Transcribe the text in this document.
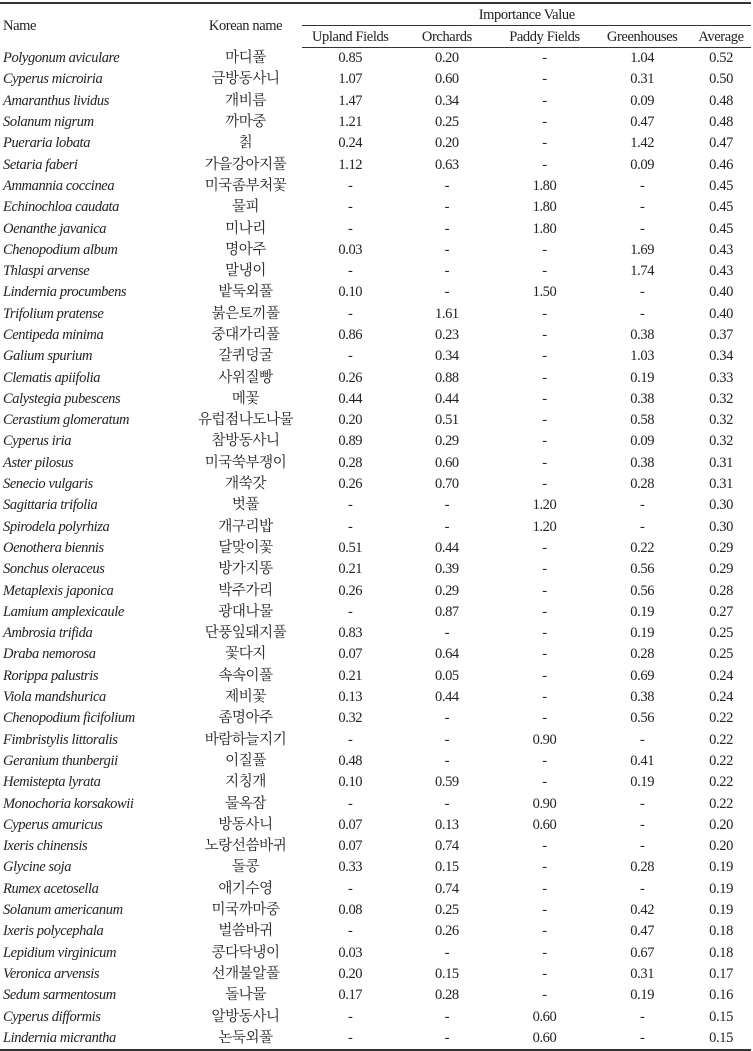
Name	Korean name	Importance Value				
		Upland Fields	Orchards	Paddy Fields	Greenhouses	Average
Polygonum aviculare	마디풀	0.85	0.20	-	1.04	0.52
Cyperus microiria	금방동사니	1.07	0.60	-	0.31	0.50
Amaranthus lividus	개비름	1.47	0.34	-	0.09	0.48
Solanum nigrum	까마중	1.21	0.25	-	0.47	0.48
Pueraria lobata	칡	0.24	0.20	-	1.42	0.47
Setaria faberi	가을강아지풀	1.12	0.63	-	0.09	0.46
Ammannia coccinea	미국좀부처꽃	-	-	1.80	-	0.45
Echinochloa caudata	물피	-	-	1.80	-	0.45
Oenanthe javanica	미나리	-	-	1.80	-	0.45
Chenopodium album	명아주	0.03	-	-	1.69	0.43
Thlaspi arvense	말냉이	-	-	-	1.74	0.43
Lindernia procumbens	밭둑외풀	0.10	-	1.50	-	0.40
Trifolium pratense	붉은토끼풀	-	1.61	-	-	0.40
Centipeda minima	중대가리풀	0.86	0.23	-	0.38	0.37
Galium spurium	갈퀴덩굴	-	0.34	-	1.03	0.34
Clematis apiifolia	사위질빵	0.26	0.88	-	0.19	0.33
Calystegia pubescens	메꽃	0.44	0.44	-	0.38	0.32
Cerastium glomeratum	유럽점나도나물	0.20	0.51	-	0.58	0.32
Cyperus iria	참방동사니	0.89	0.29	-	0.09	0.32
Aster pilosus	미국쑥부쟁이	0.28	0.60	-	0.38	0.31
Senecio vulgaris	개쑥갓	0.26	0.70	-	0.28	0.31
Sagittaria trifolia	벗풀	-	-	1.20	-	0.30
Spirodela polyrhiza	개구리밥	-	-	1.20	-	0.30
Oenothera biennis	달맞이꽃	0.51	0.44	-	0.22	0.29
Sonchus oleraceus	방가지똥	0.21	0.39	-	0.56	0.29
Metaplexis japonica	박주가리	0.26	0.29	-	0.56	0.28
Lamium amplexicaule	광대나물	-	0.87	-	0.19	0.27
Ambrosia trifida	단풍잎돼지풀	0.83	-	-	0.19	0.25
Draba nemorosa	꽃다지	0.07	0.64	-	0.28	0.25
Rorippa palustris	속속이풀	0.21	0.05	-	0.69	0.24
Viola mandshurica	제비꽃	0.13	0.44	-	0.38	0.24
Chenopodium ficifolium	좀명아주	0.32	-	-	0.56	0.22
Fimbristylis littoralis	바람하늘지기	-	-	0.90	-	0.22
Geranium thunbergii	이질풀	0.48	-	-	0.41	0.22
Hemistepta lyrata	지칭개	0.10	0.59	-	0.19	0.22
Monochoria korsakowii	물옥잠	-	-	0.90	-	0.22
Cyperus amuricus	방동사니	0.07	0.13	0.60	-	0.20
Ixeris chinensis	노랑선씀바귀	0.07	0.74	-	-	0.20
Glycine soja	돌콩	0.33	0.15	-	0.28	0.19
Rumex acetosella	애기수영	-	0.74	-	-	0.19
Solanum americanum	미국까마중	0.08	0.25	-	0.42	0.19
Ixeris polycephala	벌씀바귀	-	0.26	-	0.47	0.18
Lepidium virginicum	콩다닥냉이	0.03	-	-	0.67	0.18
Veronica arvensis	선개불알풀	0.20	0.15	-	0.31	0.17
Sedum sarmentosum	돌나물	0.17	0.28	-	0.19	0.16
Cyperus difformis	알방동사니	-	-	0.60	-	0.15
Lindernia micrantha	논둑외풀	-	-	0.60	-	0.15
